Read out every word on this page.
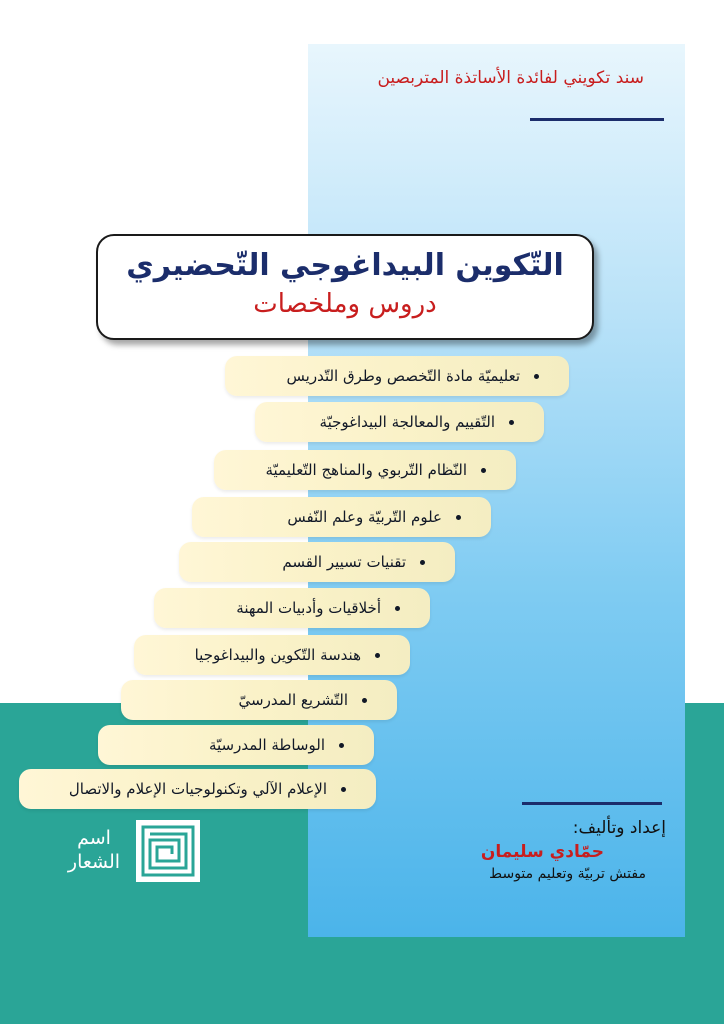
سند تكويني لفائدة الأساتذة المتربصين
التّكوين البيداغوجي التّحضيري
دروس وملخصات
تعليميّة مادة التّخصص وطرق التّدريس
التّقييم والمعالجة البيداغوجيّة
النّظام التّربوي والمناهج التّعليميّة
علوم التّربيّة وعلم النّفس
تقنيات تسيير القسم
أخلاقيات وأدبيات المهنة
هندسة التّكوين والبيداغوجيا
التّشريع المدرسيّ
الوساطة المدرسيّة
الإعلام الآلي وتكنولوجيات الإعلام والاتصال
إعداد وتأليف:
حمّادي سليمان
مفتش تربيّة وتعليم متوسط
اسم
الشعار
